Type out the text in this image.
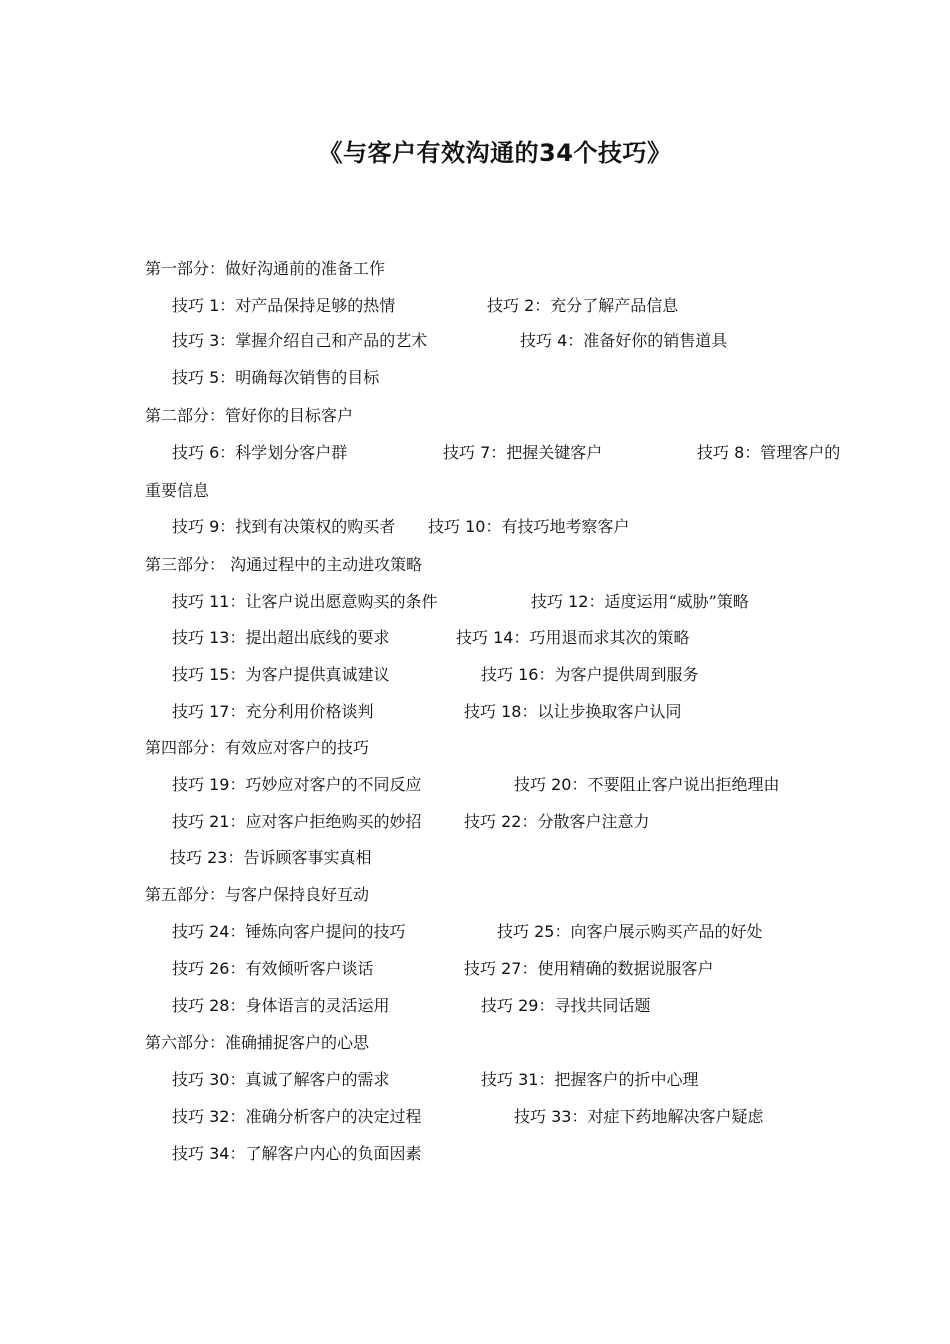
《与客户有效沟通的34个技巧》
第一部分：做好沟通前的准备工作
技巧 1：对产品保持足够的热情	技巧 2：充分了解产品信息
技巧 3：掌握介绍自己和产品的艺术	技巧 4：准备好你的销售道具
技巧 5：明确每次销售的目标
第二部分：管好你的目标客户
技巧 6：科学划分客户群	技巧 7：把握关键客户	技巧 8：管理客户的
重要信息
技巧 9：找到有决策权的购买者 技巧 10：有技巧地考察客户
第三部分： 沟通过程中的主动进攻策略
技巧 11：让客户说出愿意购买的条件	技巧 12：适度运用“威胁”策略
技巧 13：提出超出底线的要求	技巧 14：巧用退而求其次的策略
技巧 15：为客户提供真诚建议	技巧 16：为客户提供周到服务
技巧 17：充分利用价格谈判	技巧 18：以让步换取客户认同
第四部分：有效应对客户的技巧
技巧 19：巧妙应对客户的不同反应	技巧 20：不要阻止客户说出拒绝理由
技巧 21：应对客户拒绝购买的妙招	技巧 22：分散客户注意力
技巧 23：告诉顾客事实真相
第五部分：与客户保持良好互动
技巧 24：锤炼向客户提问的技巧	技巧 25：向客户展示购买产品的好处
技巧 26：有效倾听客户谈话	技巧 27：使用精确的数据说服客户
技巧 28：身体语言的灵活运用	技巧 29：寻找共同话题
第六部分：准确捕捉客户的心思
技巧 30：真诚了解客户的需求	技巧 31：把握客户的折中心理
技巧 32：准确分析客户的决定过程	技巧 33：对症下药地解决客户疑虑
技巧 34：了解客户内心的负面因素
